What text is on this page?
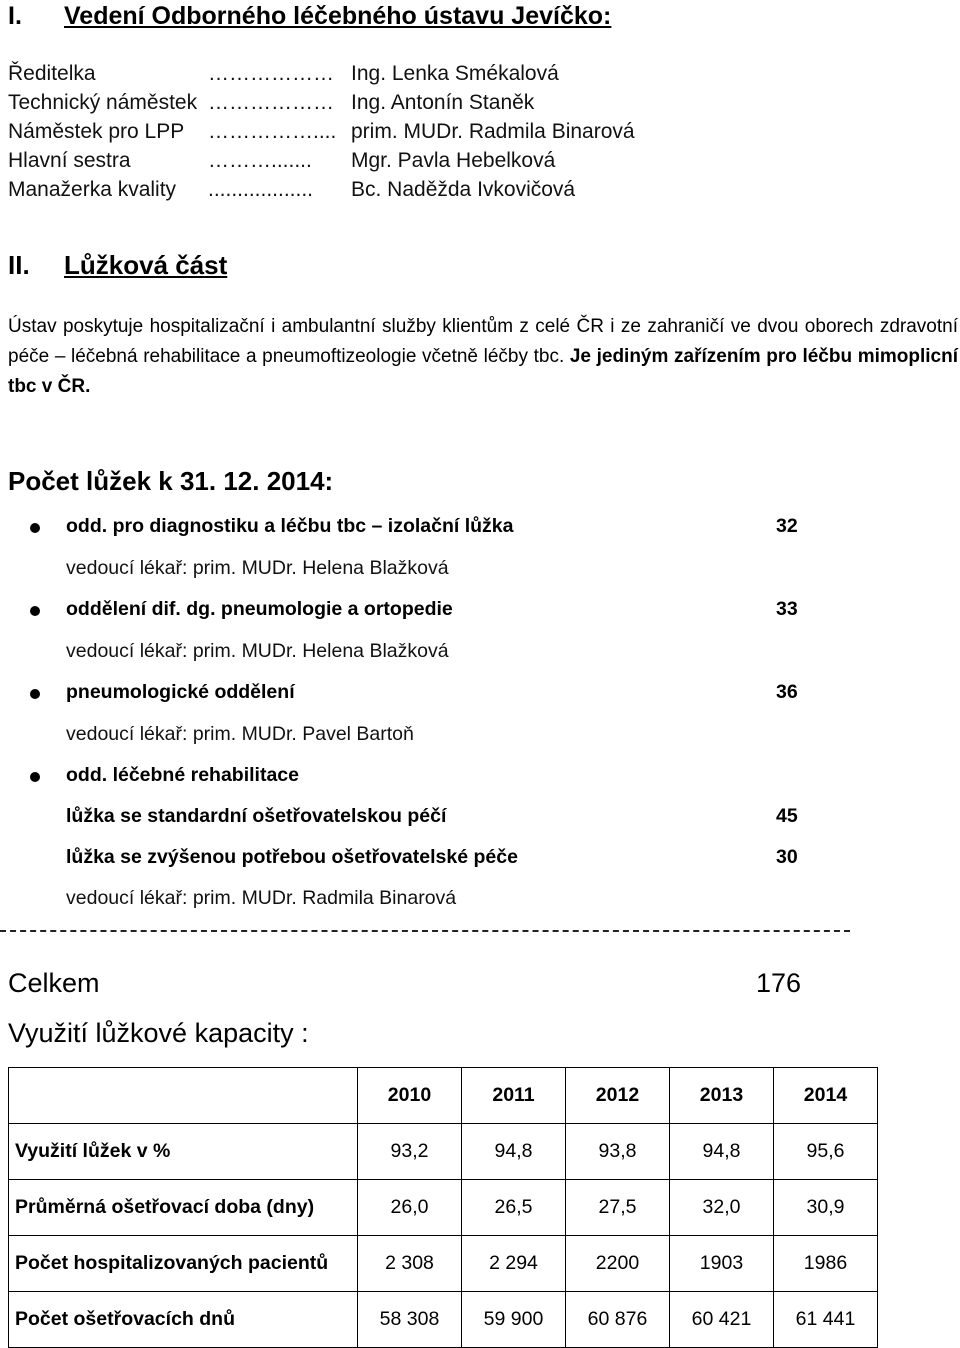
I. Vedení Odborného léčebného ústavu Jevíčko:
Ředitelka	……………… Ing. Lenka Smékalová
Technický náměstek ……………… Ing. Antonín Staněk
Náměstek pro LPP …………….... prim. MUDr. Radmila Binarová
Hlavní sestra	………....... Mgr. Pavla Hebelková
Manažerka kvality .................. Bc. Naděžda Ivkovičová
II. Lůžková část
Ústav poskytuje hospitalizační i ambulantní služby klientům z celé ČR i ze zahraničí ve dvou oborech zdravotní péče – léčebná rehabilitace a pneumoftizeologie včetně léčby tbc. Je jediným zařízením pro léčbu mimoplicní tbc v ČR.
Počet lůžek k 31. 12. 2014:
odd. pro diagnostiku a léčbu tbc – izolační lůžka	32
vedoucí lékař: prim. MUDr. Helena Blažková
oddělení dif. dg. pneumologie a ortopedie	33
vedoucí lékař: prim. MUDr. Helena Blažková
pneumologické oddělení	36
vedoucí lékař: prim. MUDr. Pavel Bartoň
odd. léčebné rehabilitace
lůžka se standardní ošetřovatelskou péčí	45
lůžka se zvýšenou potřebou ošetřovatelské péče	30
vedoucí lékař: prim. MUDr. Radmila Binarová
Celkem	176
Využití lůžkové kapacity :
	2010	2011	2012	2013	2014
Využití lůžek v %	93,2	94,8	93,8	94,8	95,6
Průměrná ošetřovací doba (dny)	26,0	26,5	27,5	32,0	30,9
Počet hospitalizovaných pacientů	2 308	2 294	2200	1903	1986
Počet ošetřovacích dnů	58 308	59 900	60 876	60 421	61 441
